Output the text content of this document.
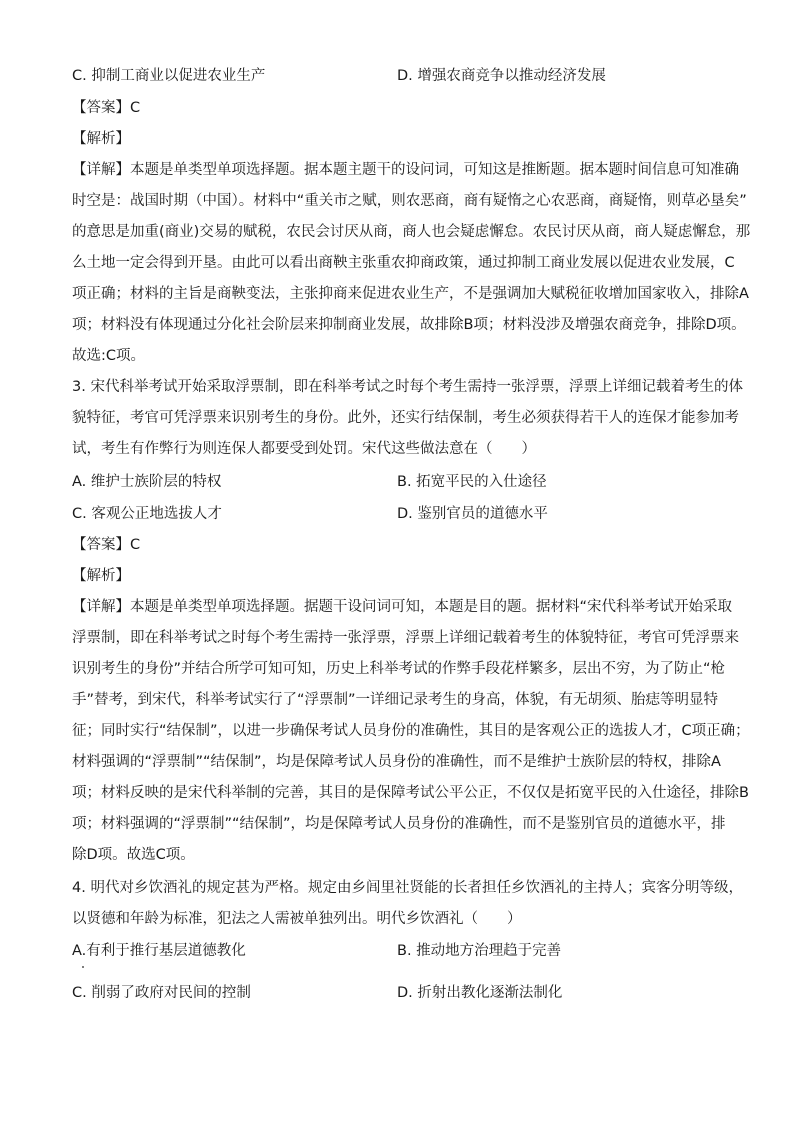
C. 抑制工商业以促进农业生产	D. 增强农商竞争以推动经济发展
【答案】C
【解析】
【详解】本题是单类型单项选择题。据本题主题干的设问词，可知这是推断题。据本题时间信息可知准确
时空是：战国时期（中国）。材料中“重关市之赋，则农恶商，商有疑惰之心农恶商，商疑惰，则草必垦矣”
的意思是加重(商业)交易的赋税，农民会讨厌从商，商人也会疑虑懈怠。农民讨厌从商，商人疑虑懈怠，那
么土地一定会得到开垦。由此可以看出商鞅主张重农抑商政策，通过抑制工商业发展以促进农业发展，C
项正确；材料的主旨是商鞅变法，主张抑商来促进农业生产，不是强调加大赋税征收增加国家收入，排除A
项；材料没有体现通过分化社会阶层来抑制商业发展，故排除B项；材料没涉及增强农商竞争，排除D项。
故选:C项。
3. 宋代科举考试开始采取浮票制，即在科举考试之时每个考生需持一张浮票，浮票上详细记载着考生的体
貌特征，考官可凭浮票来识别考生的身份。此外，还实行结保制，考生必须获得若干人的连保才能参加考
试，考生有作弊行为则连保人都要受到处罚。宋代这些做法意在（　　）
A. 维护士族阶层的特权	B. 拓宽平民的入仕途径
C. 客观公正地选拔人才	D. 鉴别官员的道德水平
【答案】C
【解析】
【详解】本题是单类型单项选择题。据题干设问词可知，本题是目的题。据材料“宋代科举考试开始采取
浮票制，即在科举考试之时每个考生需持一张浮票，浮票上详细记载着考生的体貌特征，考官可凭浮票来
识别考生的身份”并结合所学可知可知，历史上科举考试的作弊手段花样繁多，层出不穷，为了防止“枪
手”替考，到宋代，科举考试实行了“浮票制”一详细记录考生的身高，体貌，有无胡须、胎痣等明显特
征；同时实行“结保制”，以进一步确保考试人员身份的准确性，其目的是客观公正的选拔人才，C项正确；
材料强调的“浮票制”“结保制”，均是保障考试人员身份的准确性，而不是维护士族阶层的特权，排除A
项；材料反映的是宋代科举制的完善，其目的是保障考试公平公正，不仅仅是拓宽平民的入仕途径，排除B
项；材料强调的“浮票制”“结保制”，均是保障考试人员身份的准确性，而不是鉴别官员的道德水平，排
除D项。故选C项。
4. 明代对乡饮酒礼的规定甚为严格。规定由乡闾里社贤能的长者担任乡饮酒礼的主持人；宾客分明等级，
以贤德和年龄为标准，犯法之人需被单独列出。明代乡饮酒礼（　　）
A.有利于推行基层道德教化	B. 推动地方治理趋于完善
C. 削弱了政府对民间的控制	D. 折射出教化逐渐法制化
